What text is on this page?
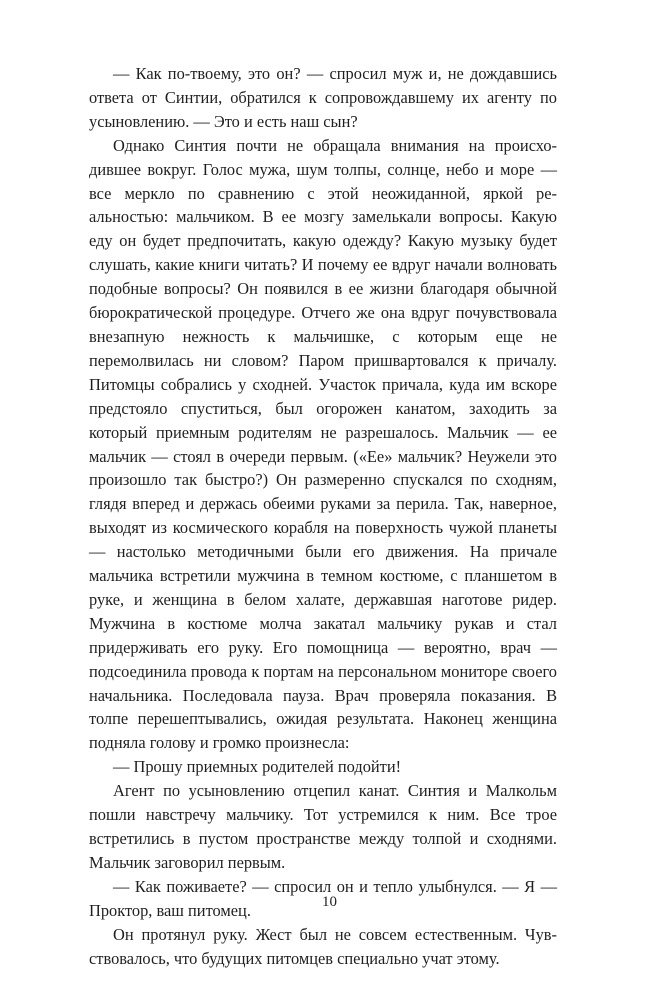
— Как по-твоему, это он? — спросил муж и, не дождавшись ответа от Синтии, обратился к сопровождавшему их агенту по усыновлению. — Это и есть наш сын?

Однако Синтия почти не обращала внимания на происходившее вокруг. Голос мужа, шум толпы, солнце, небо и море — все меркло по сравнению с этой неожиданной, яркой реальностью: мальчиком. В ее мозгу замелькали вопросы. Какую еду он будет предпочитать, какую одежду? Какую музыку будет слушать, какие книги читать? И почему ее вдруг начали волновать подобные вопросы? Он появился в ее жизни благодаря обычной бюрократической процедуре. Отчего же она вдруг почувствовала внезапную нежность к мальчишке, с которым еще не перемолвилась ни словом? Паром пришвартовался к причалу. Питомцы собрались у сходней. Участок причала, куда им вскоре предстояло спуститься, был огорожен канатом, заходить за который приемным родителям не разрешалось. Мальчик — ее мальчик — стоял в очереди первым. («Ее» мальчик? Неужели это произошло так быстро?) Он размеренно спускался по сходням, глядя вперед и держась обеими руками за перила. Так, наверное, выходят из космического корабля на поверхность чужой планеты — настолько методичными были его движения. На причале мальчика встретили мужчина в темном костюме, с планшетом в руке, и женщина в белом халате, державшая наготове ридер. Мужчина в костюме молча закатал мальчику рукав и стал придерживать его руку. Его помощница — вероятно, врач — подсоединила провода к портам на персональном мониторе своего начальника. Последовала пауза. Врач проверяла показания. В толпе перешептывались, ожидая результата. Наконец женщина подняла голову и громко произнесла:

— Прошу приемных родителей подойти!

Агент по усыновлению отцепил канат. Синтия и Малкольм пошли навстречу мальчику. Тот устремился к ним. Все трое встретились в пустом пространстве между толпой и сходнями. Мальчик заговорил первым.

— Как поживаете? — спросил он и тепло улыбнулся. — Я — Проктор, ваш питомец.

Он протянул руку. Жест был не совсем естественным. Чувствовалось, что будущих питомцев специально учат этому.

10
